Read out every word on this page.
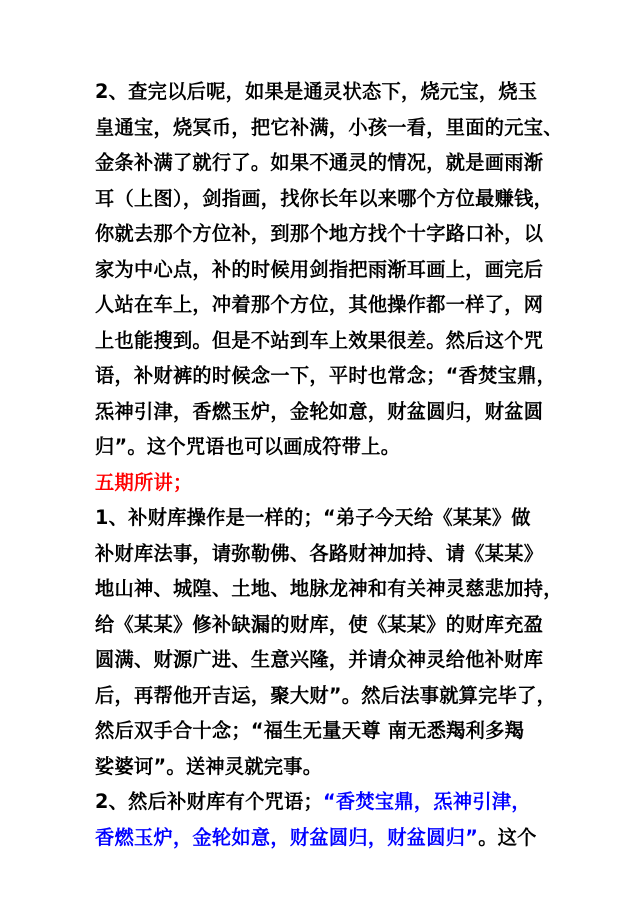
2、查完以后呢，如果是通灵状态下，烧元宝，烧玉
皇通宝，烧冥币，把它补满，小孩一看，里面的元宝、
金条补满了就行了。如果不通灵的情况，就是画雨渐
耳（上图），剑指画，找你长年以来哪个方位最赚钱，
你就去那个方位补，到那个地方找个十字路口补，以
家为中心点，补的时候用剑指把雨渐耳画上，画完后
人站在车上，冲着那个方位，其他操作都一样了，网
上也能搜到。但是不站到车上效果很差。然后这个咒
语，补财裤的时候念一下，平时也常念；“香焚宝鼎，
炁神引津，香燃玉炉，金轮如意，财盆圆归，财盆圆
归”。这个咒语也可以画成符带上。
五期所讲；
1、补财库操作是一样的；“弟子今天给《某某》做
补财库法事，请弥勒佛、各路财神加持、请《某某》
地山神、城隍、土地、地脉龙神和有关神灵慈悲加持，
给《某某》修补缺漏的财库，使《某某》的财库充盈
圆满、财源广进、生意兴隆，并请众神灵给他补财库
后，再帮他开吉运，聚大财”。然后法事就算完毕了，
然后双手合十念；“福生无量天尊 南无悉羯利多羯
娑婆诃”。送神灵就完事。
2、然后补财库有个咒语；“香焚宝鼎，炁神引津，
香燃玉炉，金轮如意，财盆圆归，财盆圆归”。这个
